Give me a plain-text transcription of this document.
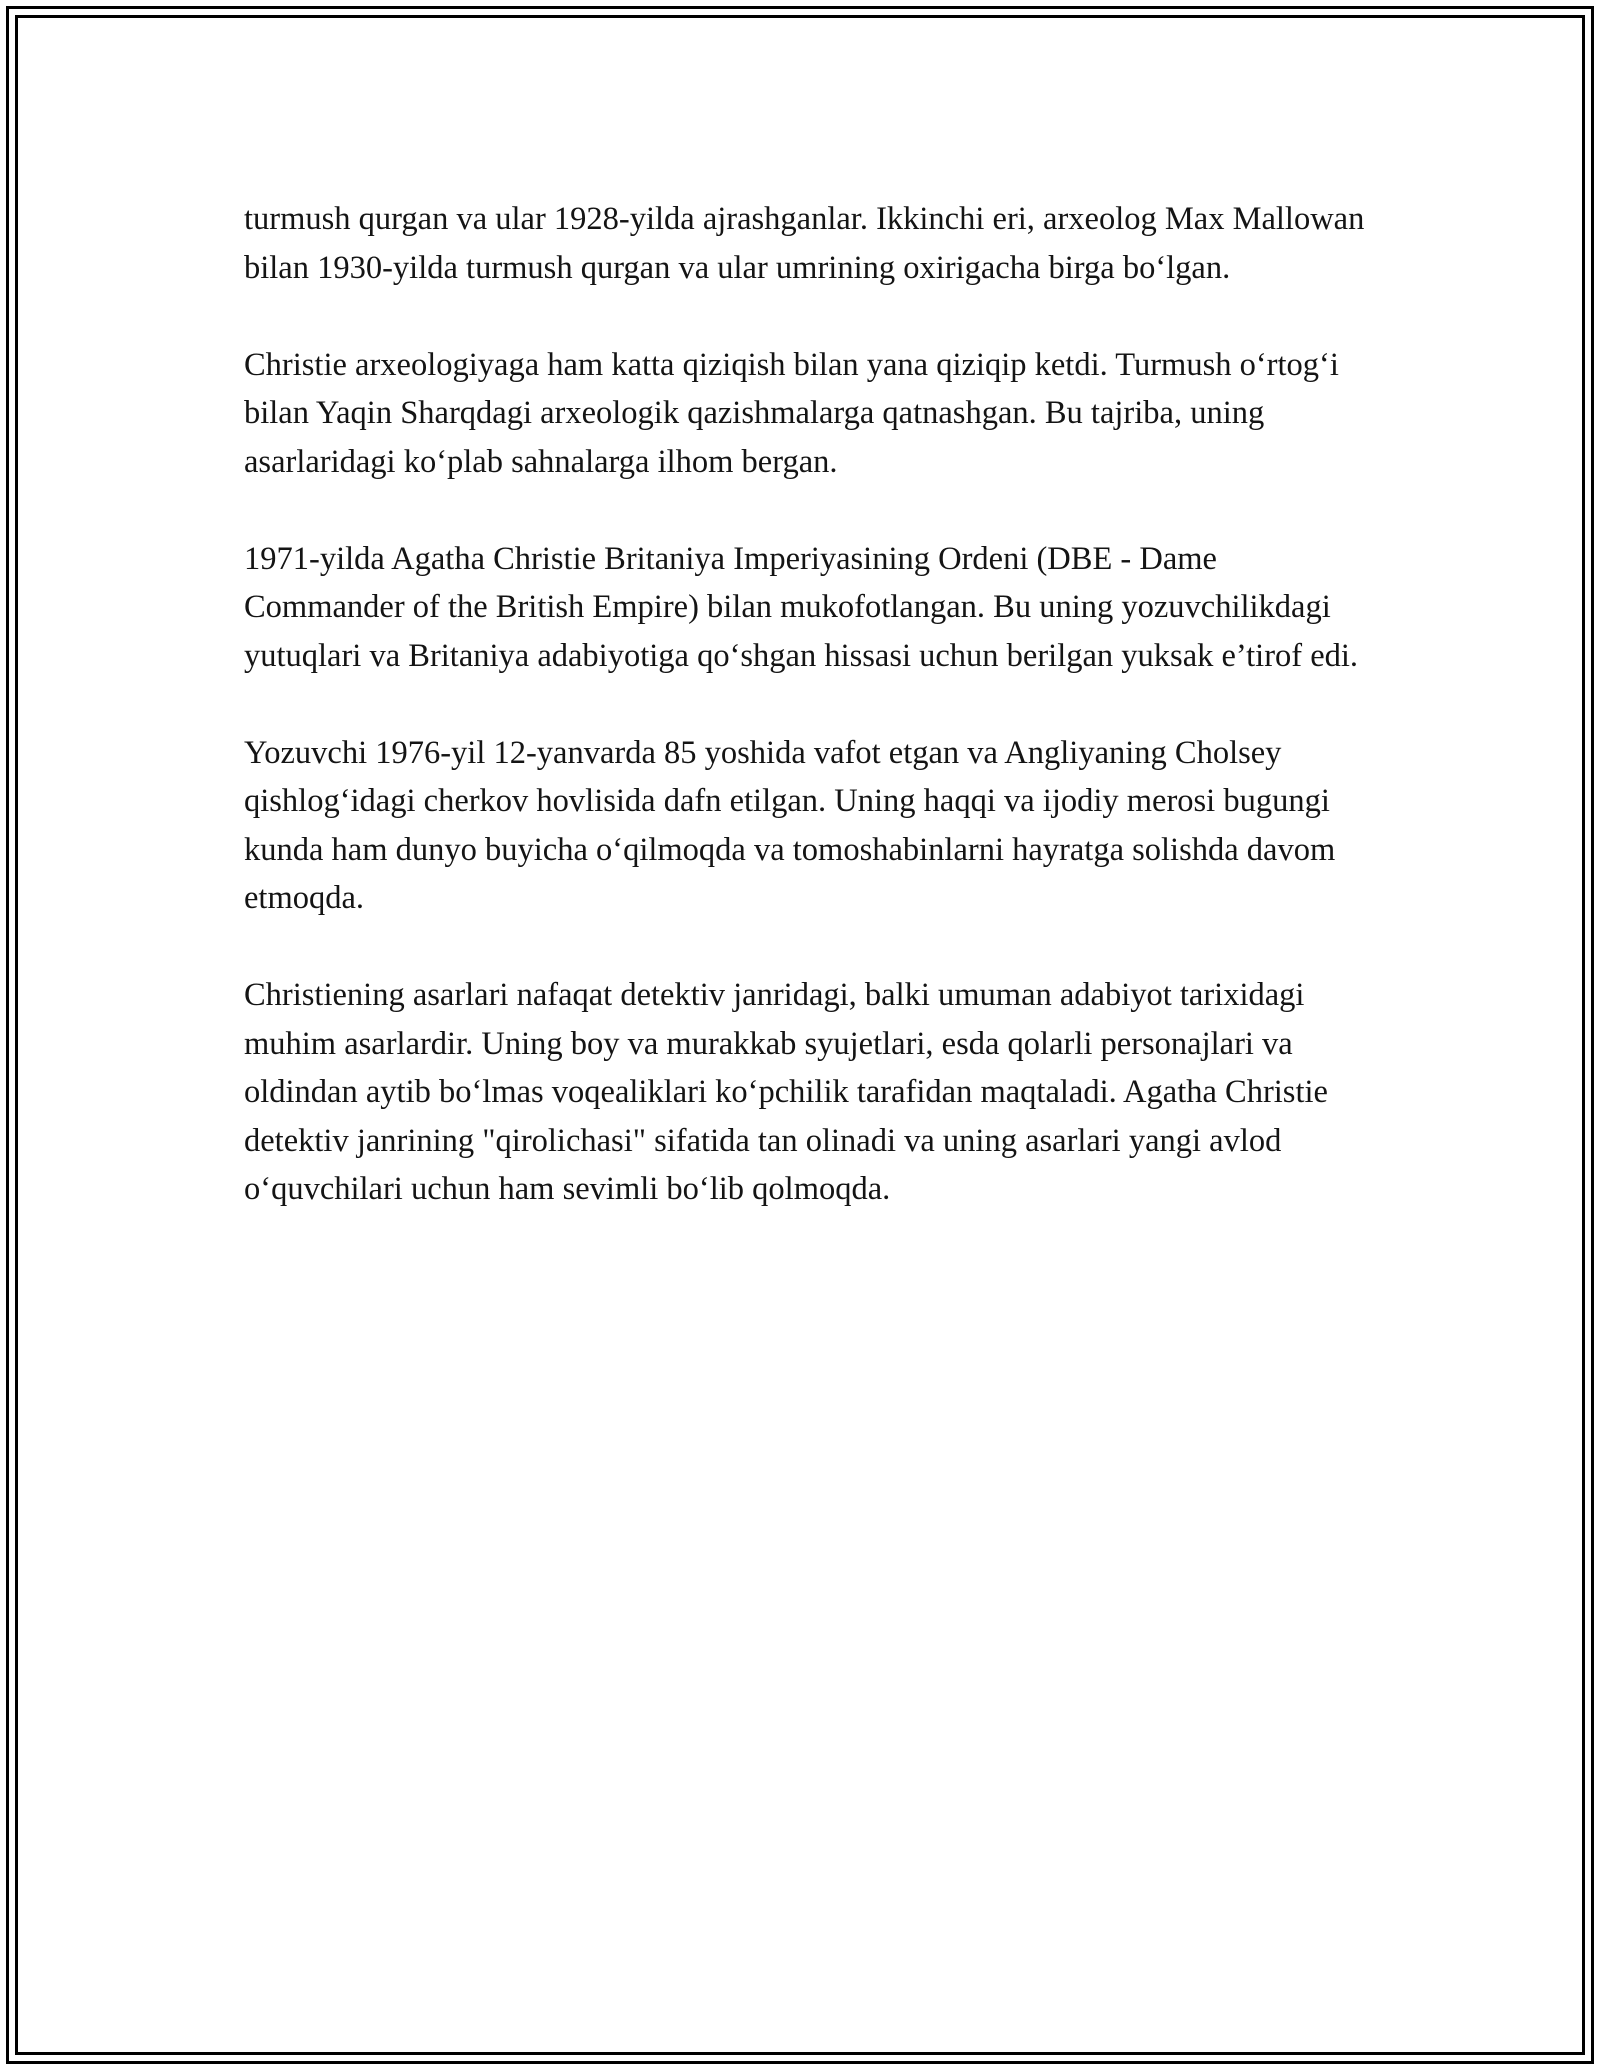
turmush qurgan va ular 1928-yilda ajrashganlar. Ikkinchi eri, arxeolog Max Mallowan bilan 1930-yilda turmush qurgan va ular umrining oxirigacha birga bo‘lgan.

Christie arxeologiyaga ham katta qiziqish bilan yana qiziqip ketdi. Turmush o‘rtog‘i bilan Yaqin Sharqdagi arxeologik qazishmalarga qatnashgan. Bu tajriba, uning asarlaridagi ko‘plab sahnalarga ilhom bergan.

1971-yilda Agatha Christie Britaniya Imperiyasining Ordeni (DBE - Dame Commander of the British Empire) bilan mukofotlangan. Bu uning yozuvchilikdagi yutuqlari va Britaniya adabiyotiga qo‘shgan hissasi uchun berilgan yuksak e’tirof edi.

Yozuvchi 1976-yil 12-yanvarda 85 yoshida vafot etgan va Angliyaning Cholsey qishlog‘idagi cherkov hovlisida dafn etilgan. Uning haqqi va ijodiy merosi bugungi kunda ham dunyo buyicha o‘qilmoqda va tomoshabinlarni hayratga solishda davom etmoqda.

Christiening asarlari nafaqat detektiv janridagi, balki umuman adabiyot tarixidagi muhim asarlardir. Uning boy va murakkab syujetlari, esda qolarli personajlari va oldindan aytib bo‘lmas voqealiklari ko‘pchilik tarafidan maqtaladi. Agatha Christie detektiv janrining "qirolichasi" sifatida tan olinadi va uning asarlari yangi avlod o‘quvchilari uchun ham sevimli bo‘lib qolmoqda.
